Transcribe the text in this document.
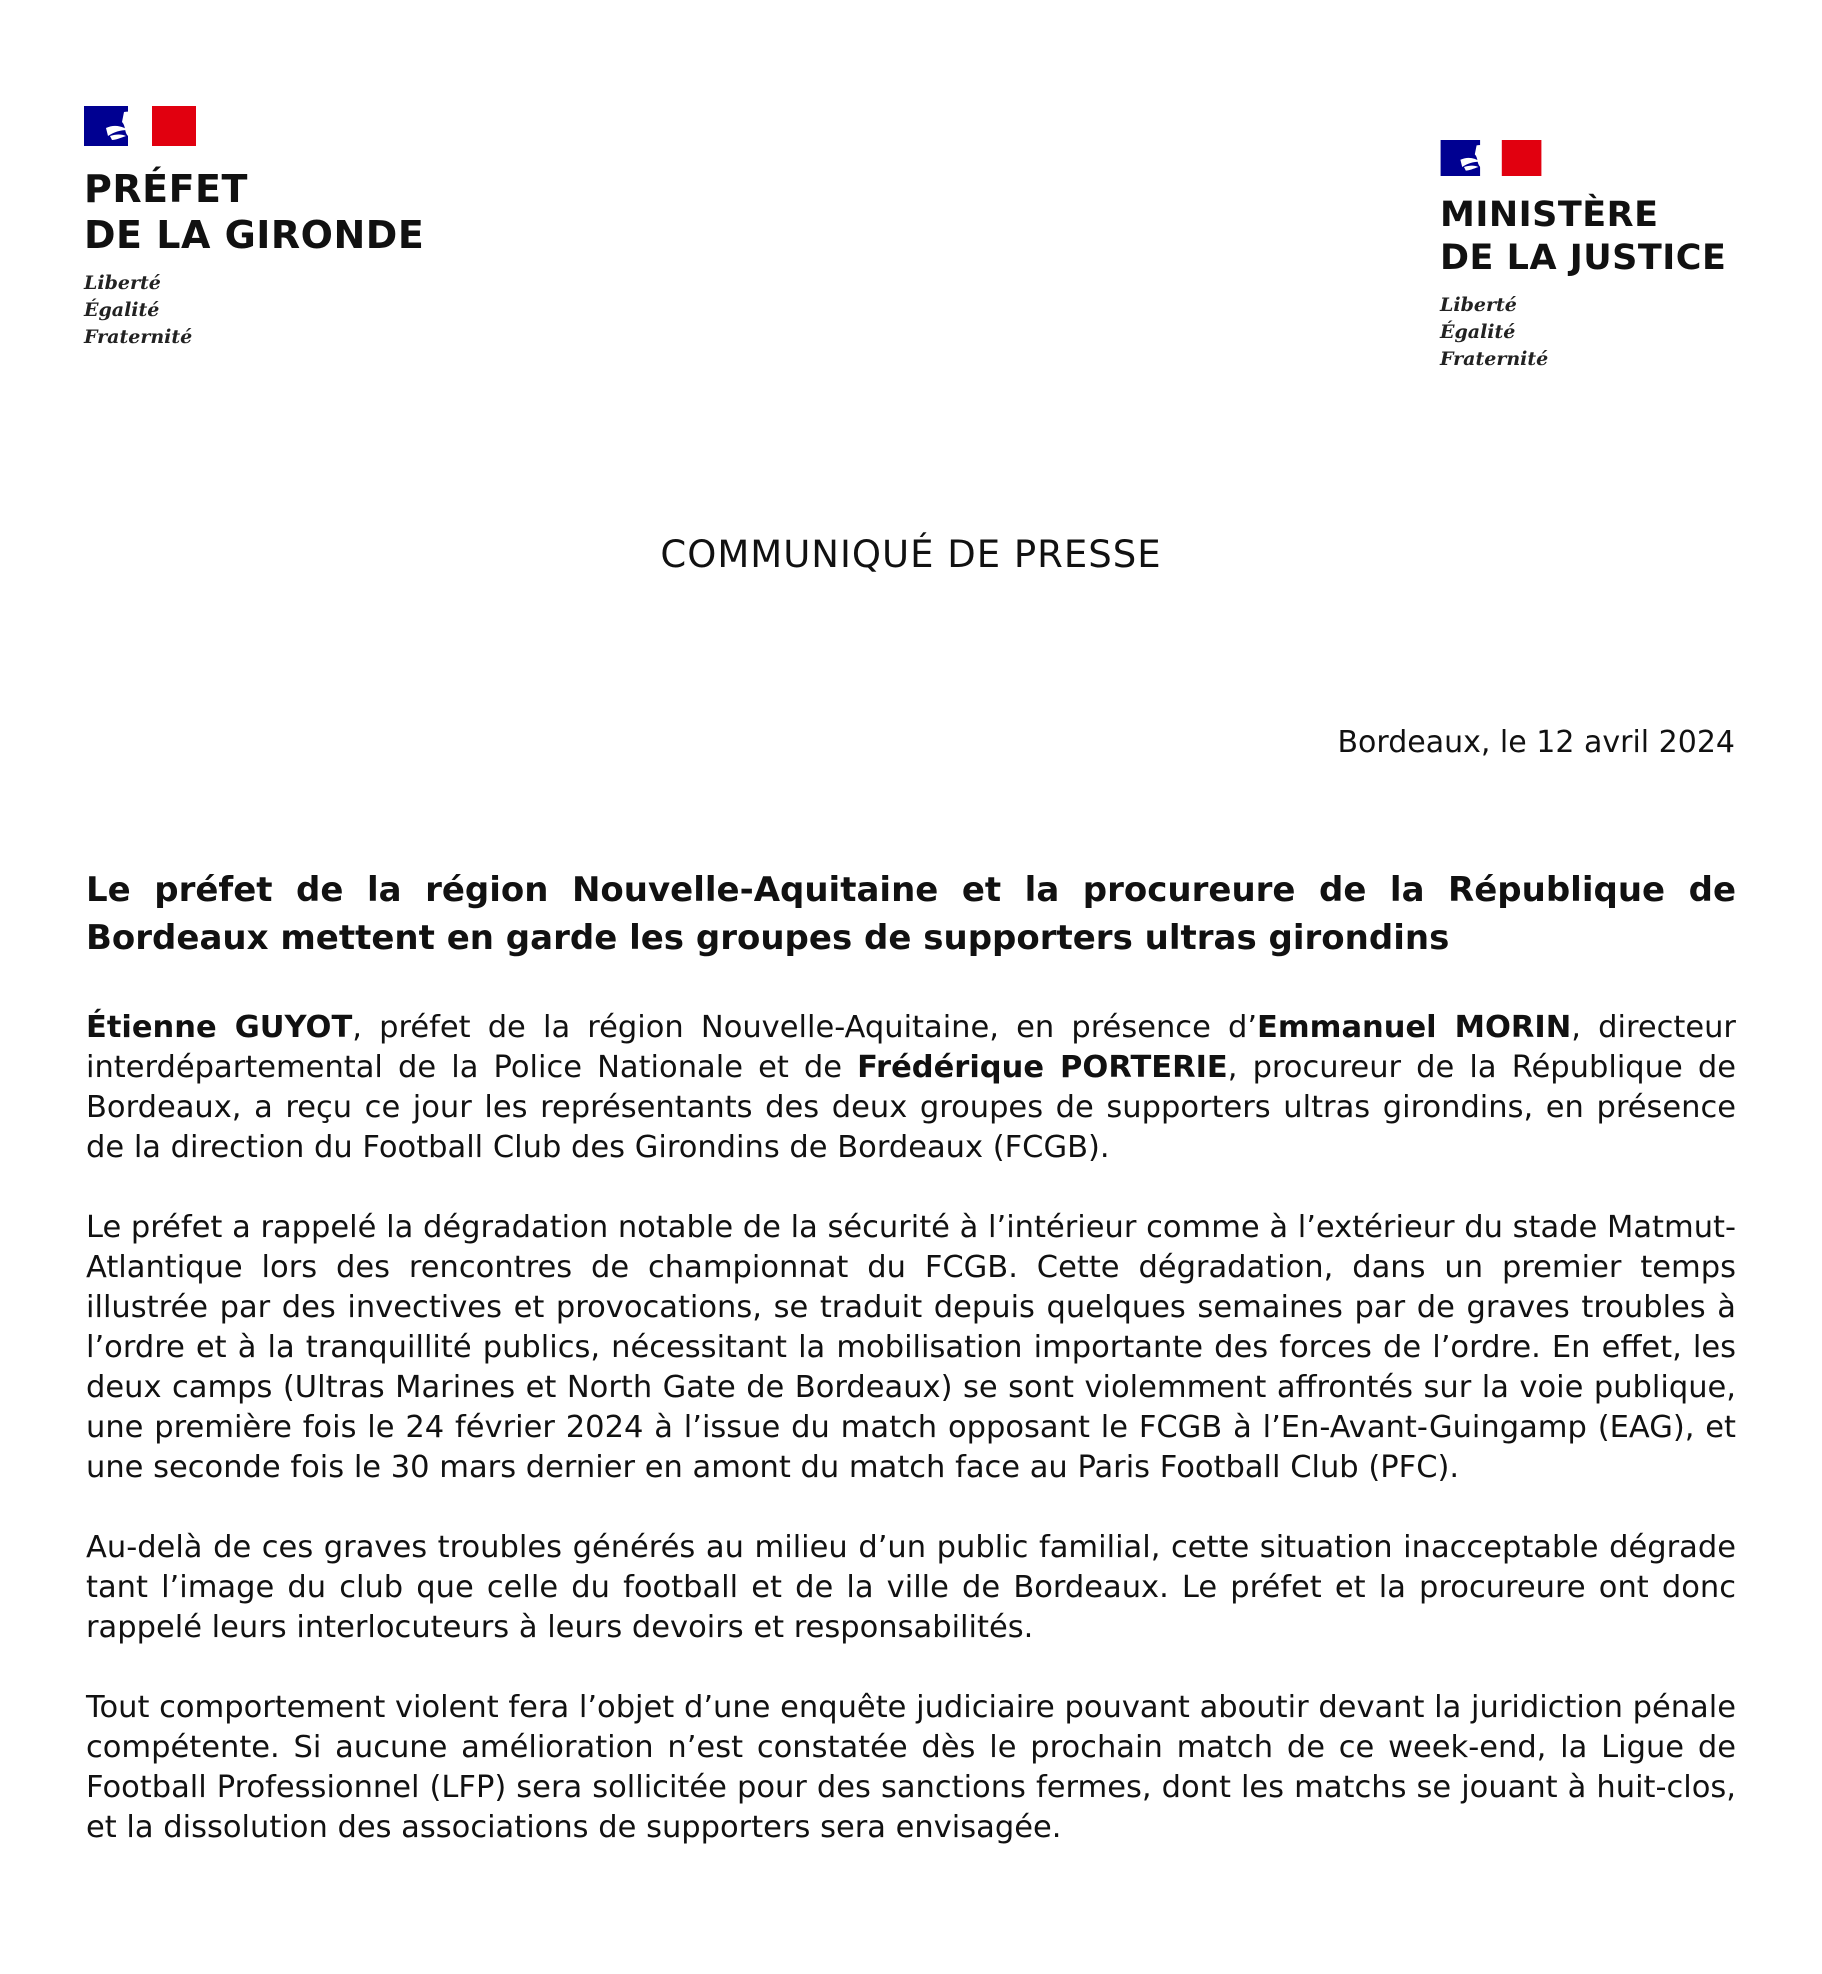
PRÉFET
DE LA GIRONDE
Liberté
Égalité
Fraternité
MINISTÈRE
DE LA JUSTICE
Liberté
Égalité
Fraternité
COMMUNIQUÉ DE PRESSE
Bordeaux, le 12 avril 2024
Le préfet de la région Nouvelle-Aquitaine et la procureure de la République de Bordeaux mettent en garde les groupes de supporters ultras girondins

Étienne GUYOT, préfet de la région Nouvelle-Aquitaine, en présence d’Emmanuel MORIN, directeur interdépartemental de la Police Nationale et de Frédérique PORTERIE, procureur de la République de Bordeaux, a reçu ce jour les représentants des deux groupes de supporters ultras girondins, en présence de la direction du Football Club des Girondins de Bordeaux (FCGB).

Le préfet a rappelé la dégradation notable de la sécurité à l’intérieur comme à l’extérieur du stade Matmut-Atlantique lors des rencontres de championnat du FCGB. Cette dégradation, dans un premier temps illustrée par des invectives et provocations, se traduit depuis quelques semaines par de graves troubles à l’ordre et à la tranquillité publics, nécessitant la mobilisation importante des forces de l’ordre. En effet, les deux camps (Ultras Marines et North Gate de Bordeaux) se sont violemment affrontés sur la voie publique, une première fois le 24 février 2024 à l’issue du match opposant le FCGB à l’En-Avant-Guingamp (EAG), et une seconde fois le 30 mars dernier en amont du match face au Paris Football Club (PFC).

Au-delà de ces graves troubles générés au milieu d’un public familial, cette situation inacceptable dégrade tant l’image du club que celle du football et de la ville de Bordeaux. Le préfet et la procureure ont donc rappelé leurs interlocuteurs à leurs devoirs et responsabilités.

Tout comportement violent fera l’objet d’une enquête judiciaire pouvant aboutir devant la juridiction pénale compétente. Si aucune amélioration n’est constatée dès le prochain match de ce week-end, la Ligue de Football Professionnel (LFP) sera sollicitée pour des sanctions fermes, dont les matchs se jouant à huit-clos, et la dissolution des associations de supporters sera envisagée.
